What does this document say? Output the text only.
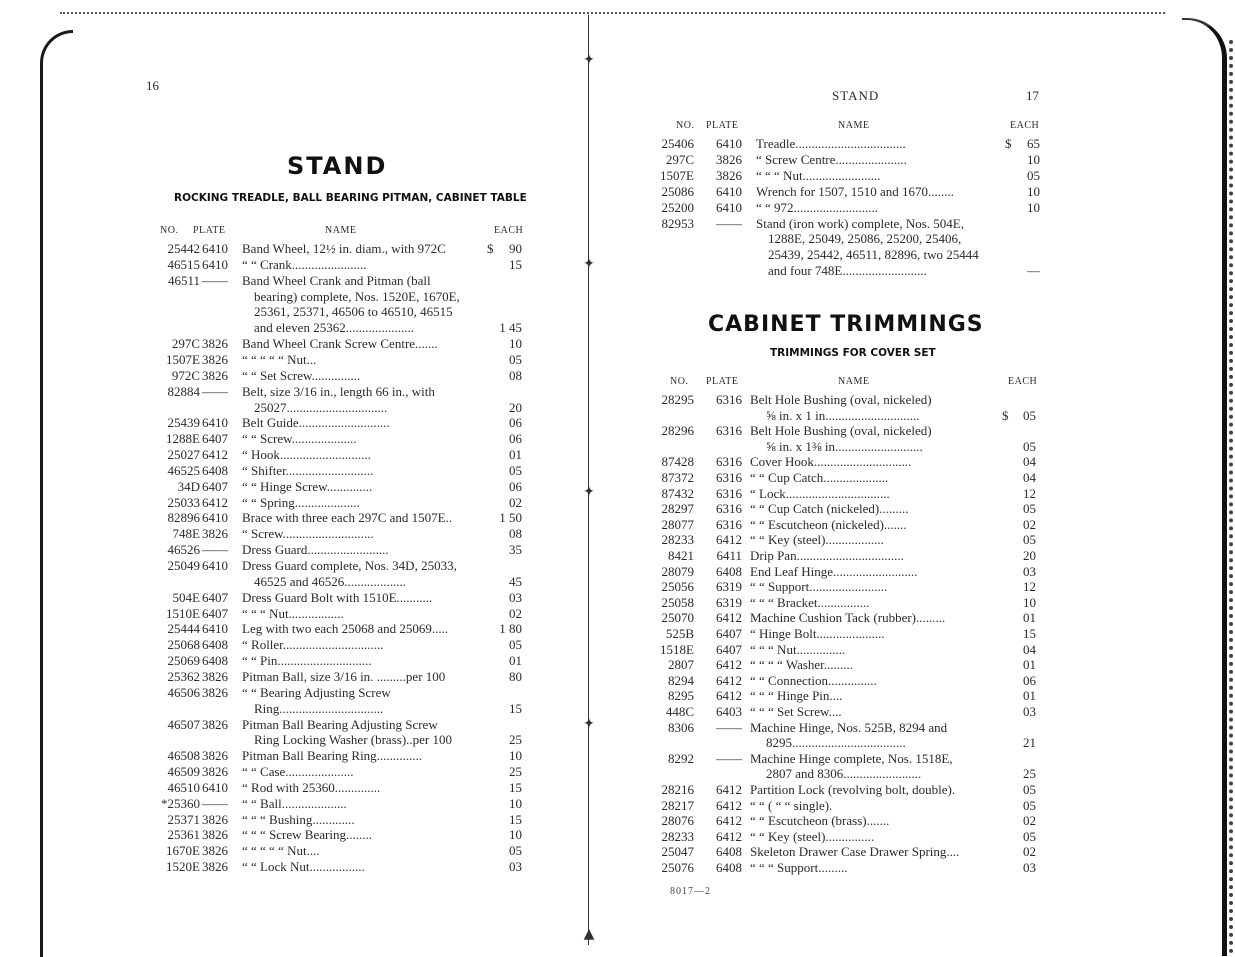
✦
✦
✦
✦
▲
16
STAND
ROCKING TREADLE, BALL BEARING PITMAN, CABINET TABLE
NO. PLATE	NAME	EACH
25442 6410 Band Wheel, 12½ in. diam., with 972C	$	90
46515 6410 “ “ Crank.......................	15
46511 —— Band Wheel Crank and Pitman (ball
bearing) complete, Nos. 1520E, 1670E,
25361, 25371, 46506 to 46510, 46515
and eleven 25362.....................	1 45
297C 3826 Band Wheel Crank Screw Centre.......	10
1507E 3826 “ “ “ “ “ Nut...	05
972C 3826 “ “ Set Screw...............	08
82884 —— Belt, size 3/16 in., length 66 in., with
25027...............................	20
25439 6410 Belt Guide............................	06
1288E 6407 “ “ Screw....................	06
25027 6412 “ Hook............................	01
46525 6408 “ Shifter...........................	05
34D 6407 “ “ Hinge Screw..............	06
25033 6412 “ “ Spring....................	02
82896 6410 Brace with three each 297C and 1507E..	1 50
748E 3826 “ Screw............................	08
46526 —— Dress Guard.........................	35
25049 6410 Dress Guard complete, Nos. 34D, 25033,
46525 and 46526...................	45
504E 6407 Dress Guard Bolt with 1510E...........	03
1510E 6407 “ “ “ Nut.................	02
25444 6410 Leg with two each 25068 and 25069.....	1 80
25068 6408 “ Roller...............................	05
25069 6408 “ “ Pin.............................	01
25362 3826 Pitman Ball, size 3/16 in. .........per 100	80
46506 3826 “ “ Bearing Adjusting Screw
Ring................................	15
46507 3826 Pitman Ball Bearing Adjusting Screw
Ring Locking Washer (brass)..per 100	25
46508 3826 Pitman Ball Bearing Ring..............	10
46509 3826 “ “ Case.....................	25
46510 6410 “ Rod with 25360..............	15
*25360 —— “ “ Ball....................	10
25371 3826 “ “ “ Bushing.............	15
25361 3826 “ “ “ Screw Bearing........	10
1670E 3826 “ “ “ “ “ Nut....	05
1520E 3826 “ “ Lock Nut.................	03
STAND	17
NO. PLATE	NAME	EACH
25406	6410 Treadle..................................	$	65
297C	3826 “ Screw Centre......................	10
1507E	3826 “ “ “ Nut........................	05
25086	6410 Wrench for 1507, 1510 and 1670........	10
25200	6410 “ “ 972..........................	10
82953	—— Stand (iron work) complete, Nos. 504E,
1288E, 25049, 25086, 25200, 25406,
25439, 25442, 46511, 82896, two 25444
and four 748E..........................	—
CABINET TRIMMINGS
TRIMMINGS FOR COVER SET
NO. PLATE	NAME	EACH
28295	6316 Belt Hole Bushing (oval, nickeled)
⅝ in. x 1 in.............................	$	05
28296	6316 Belt Hole Bushing (oval, nickeled)
⅝ in. x 1⅜ in...........................	05
87428	6316 Cover Hook..............................	04
87372	6316 “ “ Cup Catch....................	04
87432	6316 “ Lock................................	12
28297	6316 “ “ Cup Catch (nickeled).........	05
28077	6316 “ “ Escutcheon (nickeled).......	02
28233	6412 “ “ Key (steel)..................	05
8421	6411 Drip Pan.................................	20
28079	6408 End Leaf Hinge..........................	03
25056	6319 “ “ Support........................	12
25058	6319 “ “ “ Bracket................	10
25070	6412 Machine Cushion Tack (rubber).........	01
525B	6407 “ Hinge Bolt.....................	15
1518E	6407 “ “ “ Nut...............	04
2807	6412 “ “ “ “ Washer.........	01
8294	6412 “ “ Connection...............	06
8295	6412 “ “ “ Hinge Pin....	01
448C	6403 “ “ “ Set Screw....	03
8306	—— Machine Hinge, Nos. 525B, 8294 and
8295...................................	21
8292	—— Machine Hinge complete, Nos. 1518E,
2807 and 8306........................	25
28216	6412 Partition Lock (revolving bolt, double).	05
28217	6412 “ “ ( “ “ single).	05
28076	6412 “ “ Escutcheon (brass).......	02
28233	6412 “ “ Key (steel)...............	05
25047	6408 Skeleton Drawer Case Drawer Spring....	02
25076	6408 “ “ “ Support.........	03
8017—2
